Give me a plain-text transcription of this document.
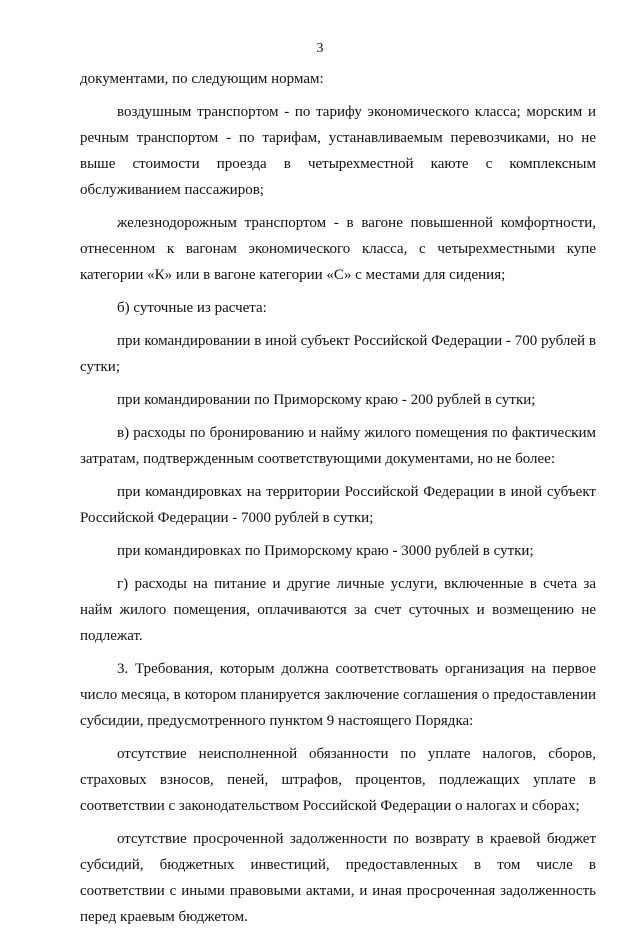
3

документами, по следующим нормам:

воздушным транспортом - по тарифу экономического класса; морским и речным транспортом - по тарифам, устанавливаемым перевозчиками, но не выше стоимости проезда в четырехместной каюте с комплексным обслуживанием пассажиров;

железнодорожным транспортом - в вагоне повышенной комфортности, отнесенном к вагонам экономического класса, с четырехместными купе категории «К» или в вагоне категории «С» с местами для сидения;

б) суточные из расчета:

при командировании в иной субъект Российской Федерации - 700 рублей в сутки;

при командировании по Приморскому краю - 200 рублей в сутки;

в) расходы по бронированию и найму жилого помещения по фактическим затратам, подтвержденным соответствующими документами, но не более:

при командировках на территории Российской Федерации в иной субъект Российской Федерации - 7000 рублей в сутки;

при командировках по Приморскому краю - 3000 рублей в сутки;

г) расходы на питание и другие личные услуги, включенные в счета за найм жилого помещения, оплачиваются за счет суточных и возмещению не подлежат.

3. Требования, которым должна соответствовать организация на первое число месяца, в котором планируется заключение соглашения о предоставлении субсидии, предусмотренного пунктом 9 настоящего Порядка:

отсутствие неисполненной обязанности по уплате налогов, сборов, страховых взносов, пеней, штрафов, процентов, подлежащих уплате в соответствии с законодательством Российской Федерации о налогах и сборах;

отсутствие просроченной задолженности по возврату в краевой бюджет субсидий, бюджетных инвестиций, предоставленных в том числе в соответствии с иными правовыми актами, и иная просроченная задолженность перед краевым бюджетом.
